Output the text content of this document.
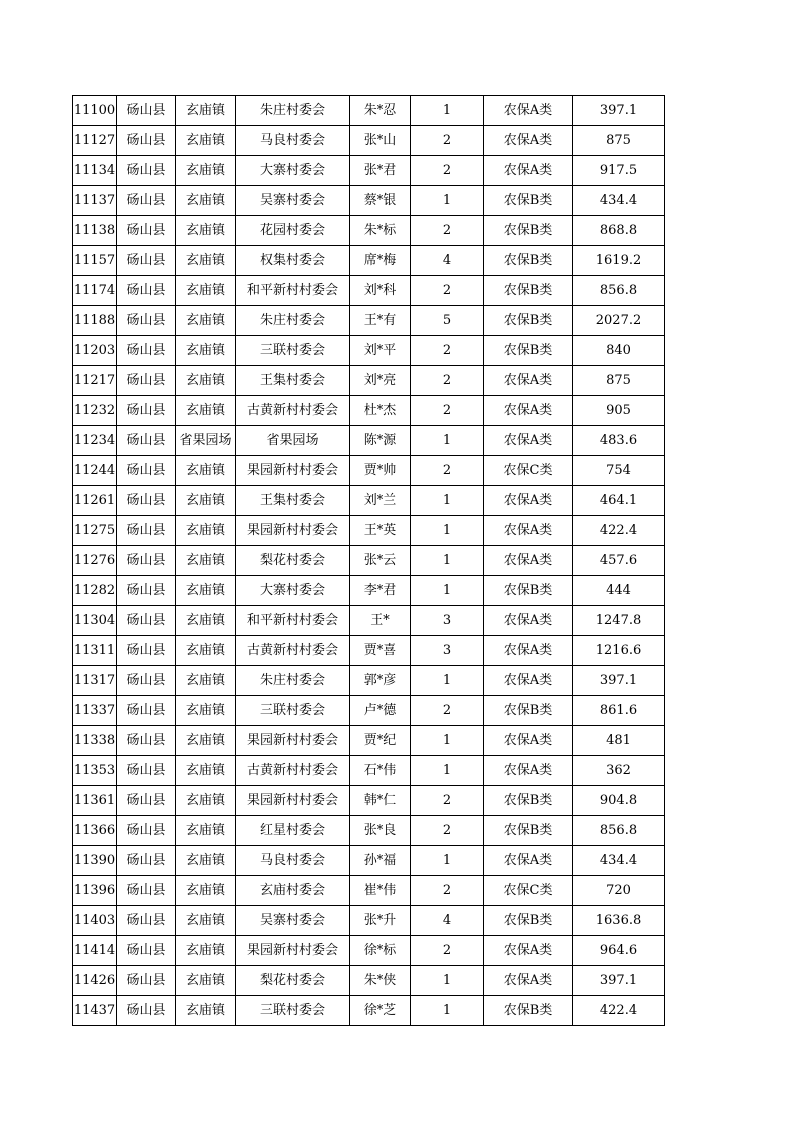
11100	砀山县	玄庙镇	朱庄村委会	朱*忍	1	农保A类	397.1
11127	砀山县	玄庙镇	马良村委会	张*山	2	农保A类	875
11134	砀山县	玄庙镇	大寨村委会	张*君	2	农保A类	917.5
11137	砀山县	玄庙镇	吴寨村委会	蔡*银	1	农保B类	434.4
11138	砀山县	玄庙镇	花园村委会	朱*标	2	农保B类	868.8
11157	砀山县	玄庙镇	权集村委会	席*梅	4	农保B类	1619.2
11174	砀山县	玄庙镇	和平新村村委会	刘*科	2	农保B类	856.8
11188	砀山县	玄庙镇	朱庄村委会	王*有	5	农保B类	2027.2
11203	砀山县	玄庙镇	三联村委会	刘*平	2	农保B类	840
11217	砀山县	玄庙镇	王集村委会	刘*亮	2	农保A类	875
11232	砀山县	玄庙镇	古黄新村村委会	杜*杰	2	农保A类	905
11234	砀山县	省果园场	省果园场	陈*源	1	农保A类	483.6
11244	砀山县	玄庙镇	果园新村村委会	贾*帅	2	农保C类	754
11261	砀山县	玄庙镇	王集村委会	刘*兰	1	农保A类	464.1
11275	砀山县	玄庙镇	果园新村村委会	王*英	1	农保A类	422.4
11276	砀山县	玄庙镇	梨花村委会	张*云	1	农保A类	457.6
11282	砀山县	玄庙镇	大寨村委会	李*君	1	农保B类	444
11304	砀山县	玄庙镇	和平新村村委会	王*	3	农保A类	1247.8
11311	砀山县	玄庙镇	古黄新村村委会	贾*喜	3	农保A类	1216.6
11317	砀山县	玄庙镇	朱庄村委会	郭*彦	1	农保A类	397.1
11337	砀山县	玄庙镇	三联村委会	卢*德	2	农保B类	861.6
11338	砀山县	玄庙镇	果园新村村委会	贾*纪	1	农保A类	481
11353	砀山县	玄庙镇	古黄新村村委会	石*伟	1	农保A类	362
11361	砀山县	玄庙镇	果园新村村委会	韩*仁	2	农保B类	904.8
11366	砀山县	玄庙镇	红星村委会	张*良	2	农保B类	856.8
11390	砀山县	玄庙镇	马良村委会	孙*福	1	农保A类	434.4
11396	砀山县	玄庙镇	玄庙村委会	崔*伟	2	农保C类	720
11403	砀山县	玄庙镇	吴寨村委会	张*升	4	农保B类	1636.8
11414	砀山县	玄庙镇	果园新村村委会	徐*标	2	农保A类	964.6
11426	砀山县	玄庙镇	梨花村委会	朱*侠	1	农保A类	397.1
11437	砀山县	玄庙镇	三联村委会	徐*芝	1	农保B类	422.4
